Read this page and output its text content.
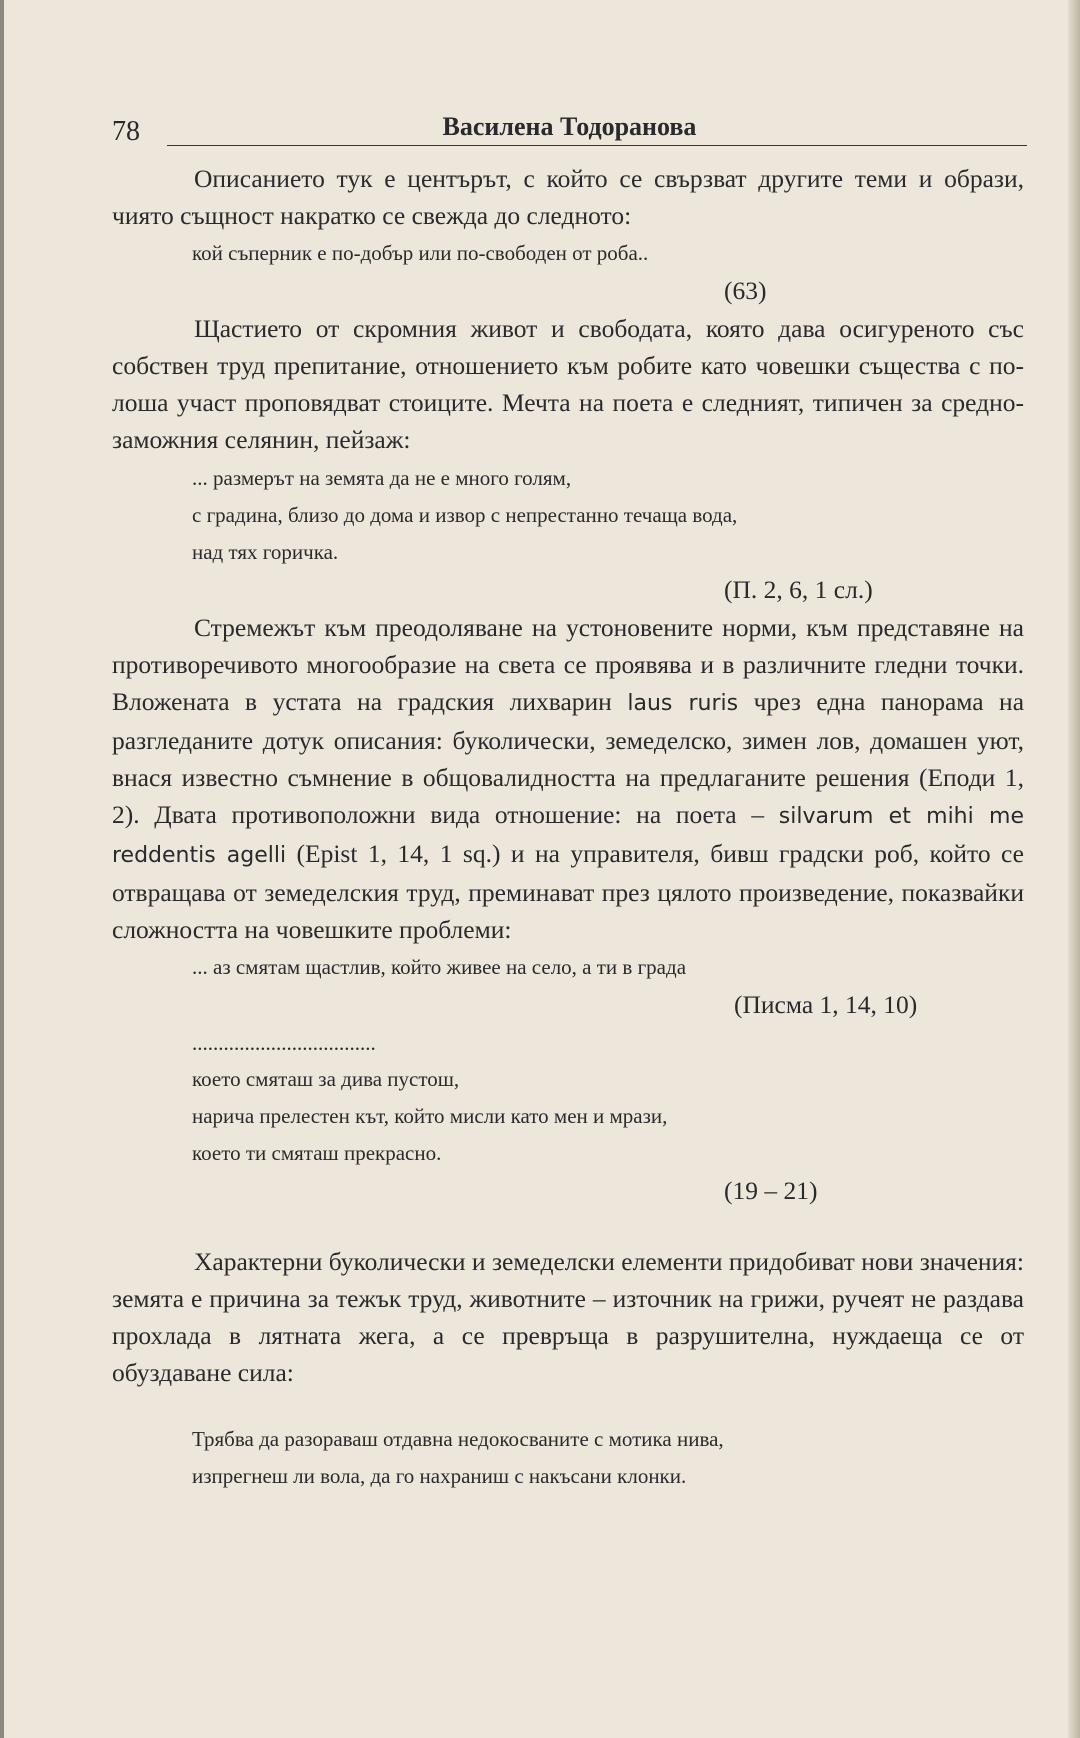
78	Василена Тодоранова

Описанието тук е центърът, с който се свързват другите теми и образи, чиято същност накратко се свежда до следното:

кой съперник е по-добър или по-свободен от роба..

(63)

Щастието от скромния живот и свободата, която дава осигуреното със собствен труд препитание, отношението към робите като човешки същества с по-лоша участ проповядват стоиците. Мечта на поета е следният, типичен за среднозаможния селянин, пейзаж:

... размерът на земята да не е много голям,

с градина, близо до дома и извор с непрестанно течаща вода,

над тях горичка.

(П. 2, 6, 1 сл.)

Стремежът към преодоляване на устоновените норми, към представяне на противоречивото многообразие на света се проявява и в различните гледни точки. Вложената в устата на градския лихварин laus ruris чрез една панорама на разгледаните дотук описания: буколически, земеделско, зимен лов, домашен уют, внася известно съмнение в общовалидността на предлаганите решения (Еподи 1, 2). Двата противоположни вида отношение: на поета – silvarum et mihi me reddentis agelli (Epist 1, 14, 1 sq.) и на управителя, бивш градски роб, който се отвращава от земеделския труд, преминават през цялото произведение, показвайки сложността на човешките проблеми:

... аз смятам щастлив, който живее на село, а ти в града

(Писма 1, 14, 10)

...................................

което смяташ за дива пустош,

нарича прелестен кът, който мисли като мен и мрази,

което ти смяташ прекрасно.

(19 – 21)

Характерни буколически и земеделски елементи придобиват нови значения: земята е причина за тежък труд, животните – източник на грижи, ручеят не раздава прохлада в лятната жега, а се превръща в разрушителна, нуждаеща се от обуздаване сила:

Трябва да разораваш отдавна недокосваните с мотика нива,

изпрегнеш ли вола, да го нахраниш с накъсани клонки.
